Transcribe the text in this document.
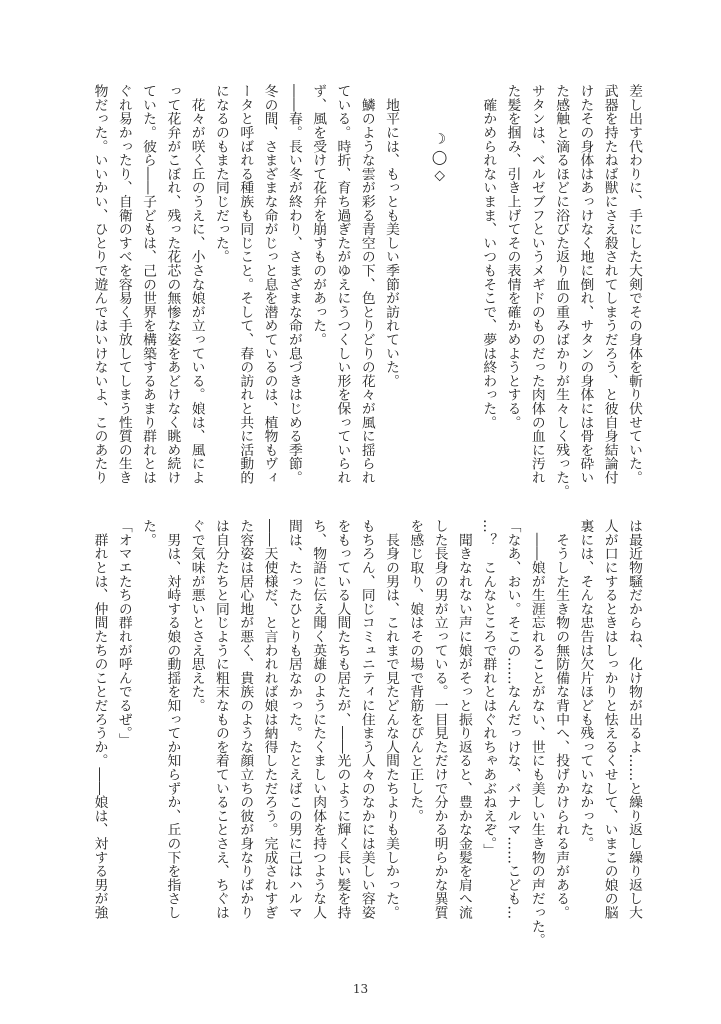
差し出す代わりに、手にした大剣でその身体を斬り伏せていた。
武器を持たねば獣にさえ殺されてしまうだろう、と彼自身結論付
けたその身体はあっけなく地に倒れ、サタンの身体には骨を砕い
た感触と滴るほどに浴びた返り血の重みばかりが生々しく残った。
サタンは、ベルゼブフというメギドのものだった肉体の血に汚れ
た髪を掴み、引き上げてその表情を確かめようとする。
　確かめられないまま、いつもそこで、夢は終わった。
　　　☽◯◇
　地平には、もっとも美しい季節が訪れていた。
　鱗のような雲が彩る青空の下、色とりどりの花々が風に揺られ
ている。時折、育ち過ぎたがゆえにうつくしい形を保っていられ
ず、風を受けて花弁を崩すものがあった。
――春。長い冬が終わり、さまざまな命が息づきはじめる季節。
冬の間、さまざまな命がじっと息を潜めているのは、植物もヴィ
ータと呼ばれる種族も同じこと。そして、春の訪れと共に活動的
になるのもまた同じだった。
　花々が咲く丘のうえに、小さな娘が立っている。娘は、風によ
って花弁がこぼれ、残った花芯の無惨な姿をあどけなく眺め続け
ていた。彼ら――子どもは、己の世界を構築するあまり群れとは
ぐれ易かったり、自衛のすべを容易く手放してしまう性質の生き
物だった。いいかい、ひとりで遊んではいけないよ、このあたり
は最近物騒だからね、化け物が出るよ……と繰り返し繰り返し大
人が口にするときはしっかりと怯えるくせして、いまこの娘の脳
裏には、そんな忠告は欠片ほども残っていなかった。
　そうした生き物の無防備な背中へ、投げかけられる声がある。
　――娘が生涯忘れることがない、世にも美しい生き物の声だった。
「なあ、おい。そこの……なんだっけな、バナルマ……こども…
…？　こんなところで群れとはぐれちゃあぶねえぞ。」
　聞きなれない声に娘がそっと振り返ると、豊かな金髪を肩へ流
した長身の男が立っている。一目見ただけで分かる明らかな異質
を感じ取り、娘はその場で背筋をぴんと正した。
　長身の男は、これまで見たどんな人間たちよりも美しかった。
もちろん、同じコミュニティに住まう人々のなかには美しい容姿
をもっている人間たちも居たが、――光のように輝く長い髪を持
ち、物語に伝え聞く英雄のようにたくましい肉体を持つような人
間は、たったひとりも居なかった。たとえばこの男に己はハルマ
――天使様だ、と言われれば娘は納得しただろう。完成されすぎ
た容姿は居心地が悪く、貴族のような顔立ちの彼が身なりばかり
は自分たちと同じように粗末なものを着ていることさえ、ちぐは
ぐで気味が悪いとさえ思えた。
　男は、対峙する娘の動揺を知ってか知らずか、丘の下を指さし
た。
「オマエたちの群れが呼んでるぜ。」
　群れとは、仲間たちのことだろうか。――娘は、対する男が強
13
